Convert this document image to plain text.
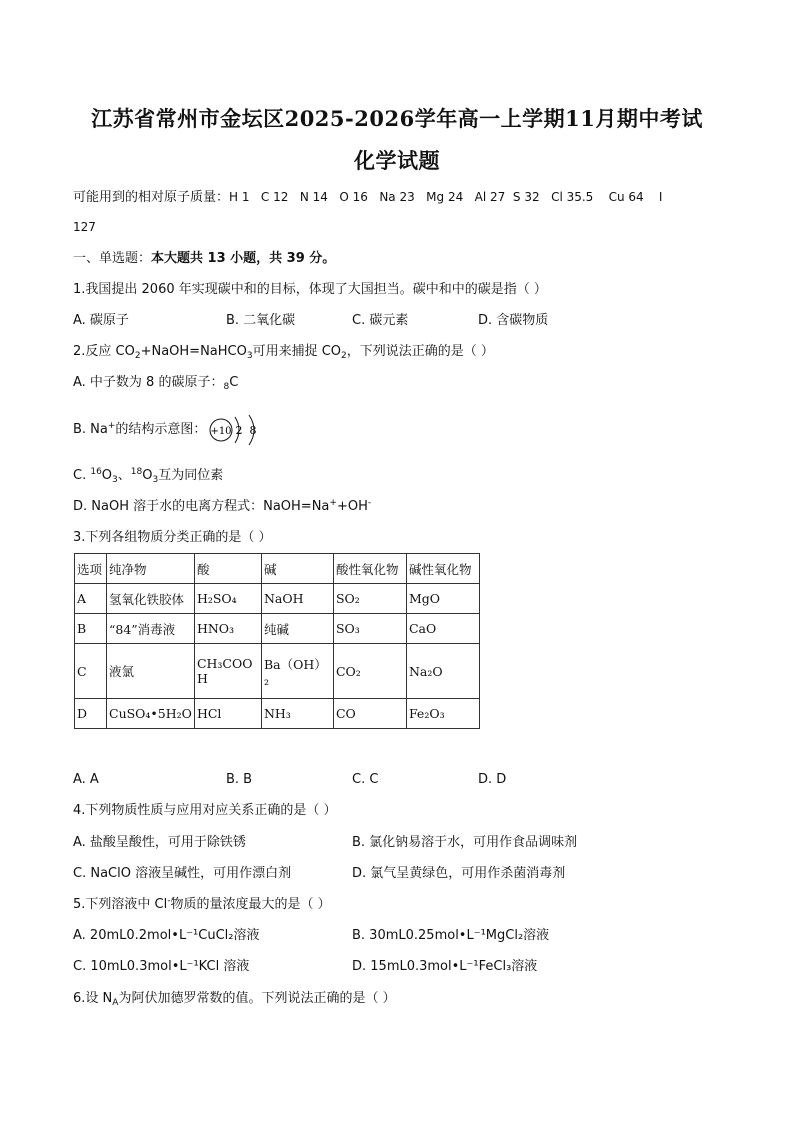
江苏省常州市金坛区2025-2026学年高一上学期11月期中考试
化学试题
可能用到的相对原子质量：H 1   C 12   N 14   O 16   Na 23   Mg 24   Al 27  S 32   Cl 35.5    Cu 64    I
127
一、单选题：本大题共 13 小题，共 39 分。
1.我国提出 2060 年实现碳中和的目标，体现了大国担当。碳中和中的碳是指（ ）
A. 碳原子	B. 二氧化碳	C. 碳元素	D. 含碳物质
2.反应 $CO_2+NaOH=NaHCO_3$可用来捕捉 $CO_2$，下列说法正确的是（ ）
A. 中子数为 8 的碳原子：$_8$C
B. Na+的结构示意图： +10 2 8
C. $^{16}O_3$、$^{18}O_3$互为同位素
D. NaOH 溶于水的电离方程式：NaOH=Na++OH-
3.下列各组物质分类正确的是（ ）
选项	纯净物	酸	碱	酸性氧化物	碱性氧化物
A	氢氧化铁胶体	H₂SO₄	NaOH	SO₂	MgO
B	“84”消毒液	HNO₃	纯碱	SO₃	CaO
C	液氯	CH₃COOH	Ba（OH）₂	CO₂	Na₂O
D	CuSO₄•5H₂O	HCl	NH₃	CO	Fe₂O₃
A. A	B. B	C. C	D. D
4.下列物质性质与应用对应关系正确的是（ ）
A. 盐酸呈酸性，可用于除铁锈	B. 氯化钠易溶于水，可用作食品调味剂
C. NaClO 溶液呈碱性，可用作漂白剂	D. 氯气呈黄绿色，可用作杀菌消毒剂
5.下列溶液中 Cl-物质的量浓度最大的是（ ）
A. 20mL0.2mol•L⁻¹CuCl₂溶液	B. 30mL0.25mol•L⁻¹MgCl₂溶液
C. 10mL0.3mol•L⁻¹KCl 溶液	D. 15mL0.3mol•L⁻¹FeCl₃溶液
6.设 $N_A$为阿伏加德罗常数的值。下列说法正确的是（ ）
